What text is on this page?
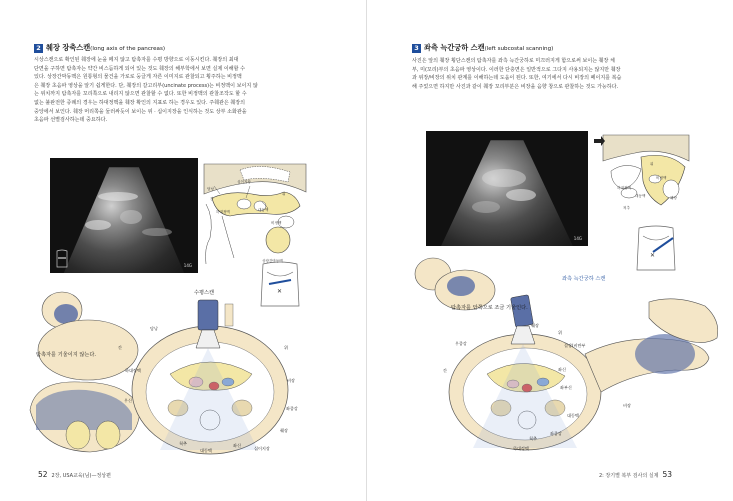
2 췌장 장축스캔(long axis of the pancreas)
시상스캔으로 확인된 췌장에 눈을 떼지 않고 탐촉자를 수평 방향으로 이동시킨다. 췌장의 최대
단면을 구하면 탐촉자는 약간 비스듬하게 되어 있는 것도 췌장의 해부학에서 보면 실제 이해할 수
있다. 상장간막동맥은 원통형의 물건을 가로로 둥글게 자른 이미지로 관찰되고 횡주하는 비정맥
은 췌장 초음파 영상을 알기 쉽게한다. 단, 췌장의 갈고리부(uncinate process)는 비정맥이 보이지 않
는 위치까지 탐촉자를 꼬리쪽으로 내리지 않으면 관찰할 수 없다. 또한 비정맥의 관찰조작도 할 수
없는 불완전한 증례의 경우는 하대정맥을 췌장 확인의 지표로 하는 경우도 있다. 주췌관은 췌장의
중앙에서 보인다. 췌장 머리쪽을 둘러싸듯이 보이는 위 · 십이지장을 인식하는 것도 상부 소화관을
초음파 선별검사하는데 중요하다.
14G
담낭
십이지장
간
하대정맥	대동맥
위
비정맥
상장간막동맥
✕
수평스캔
탐촉자를 기울이지 않는다.
담낭
간
하대정맥
우신
위
비장
좌종강
췌장
척추
대동맥
좌신
십이지장
52 2장, USA교육(님)—정상편
3 좌측 늑간궁하 스캔(left subcostal scanning)
사진은 앞의 췌장 횡단스캔의 탐촉자를 좌측 늑간궁하로 미끄러지게 함으로써 보이는 췌장 체
부, 미(꼬리)부의 초음파 영상이다. 이러한 단층면은 일반적으로 그다지 사용되지는 않지만 췌장
과 위장/비장의 위치 관계를 이해하는데 도움이 된다. 또한, 여기에서 다시 비장의 페이지를 복습
해 주었으면 하지만 사진과 같이 췌장 꼬리부분은 비장을 음향 창으로 관찰하는 것도 가능하다.
14G
위
비정맥
하대정맥
대동맥
척추
췌장
✕
좌측 늑간궁하 스캔
탐촉자를 안쪽으로 조금 기울인다.
췌장
위
우종강	결장(비만부
간	좌신
좌부신
비장
대동맥
좌종강
척추
하대정맥
2: 장기별 복부 검사의 실제 53
